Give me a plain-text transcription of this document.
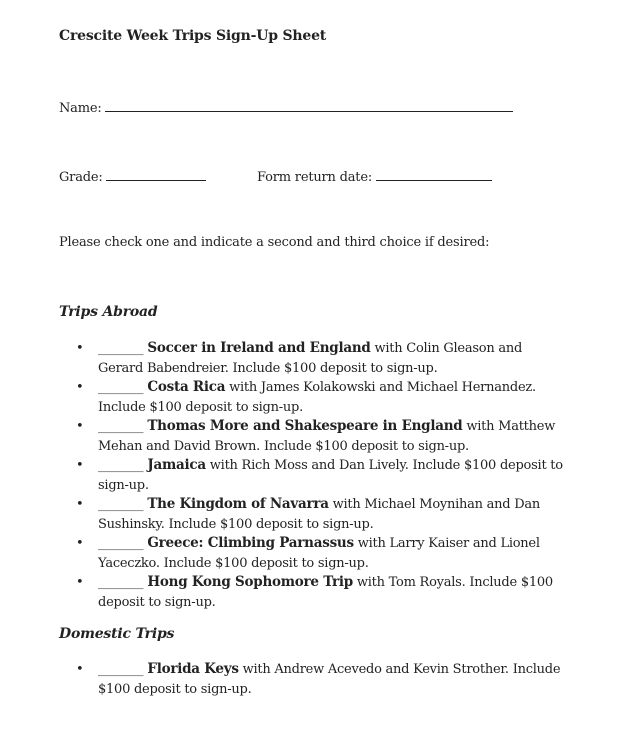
Crescite Week Trips Sign-Up Sheet
Name:
Grade:	Form return date:
Please check one and indicate a second and third choice if desired:
Trips Abroad
• _______ Soccer in Ireland and England with Colin Gleason and Gerard Babendreier. Include $100 deposit to sign-up.
• _______ Costa Rica with James Kolakowski and Michael Hernandez. Include $100 deposit to sign-up.
• _______ Thomas More and Shakespeare in England with Matthew Mehan and David Brown. Include $100 deposit to sign-up.
• _______ Jamaica with Rich Moss and Dan Lively. Include $100 deposit to sign-up.
• _______ The Kingdom of Navarra with Michael Moynihan and Dan Sushinsky. Include $100 deposit to sign-up.
• _______ Greece: Climbing Parnassus with Larry Kaiser and Lionel Yaceczko. Include $100 deposit to sign-up.
• _______ Hong Kong Sophomore Trip with Tom Royals. Include $100 deposit to sign-up.
Domestic Trips
• _______ Florida Keys with Andrew Acevedo and Kevin Strother. Include $100 deposit to sign-up.
